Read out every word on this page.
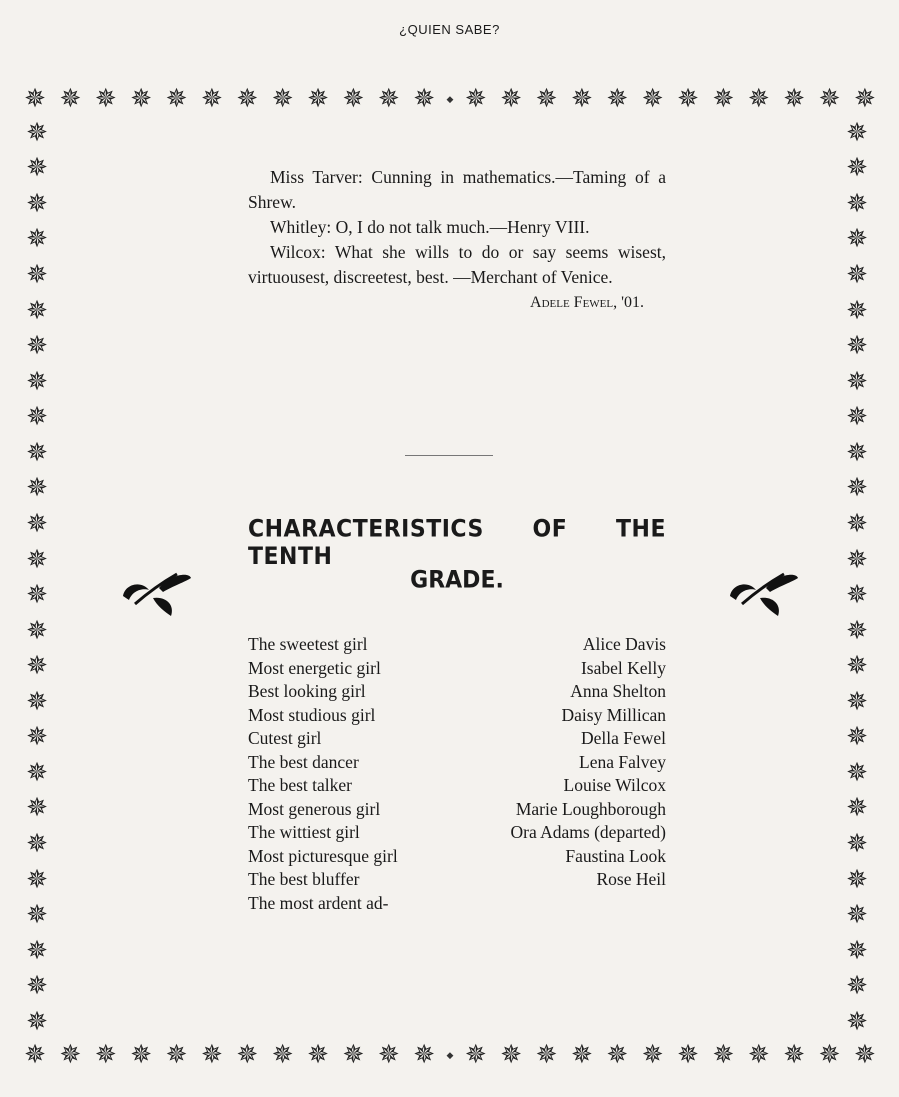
¿QUIEN SABE?
✵ ✵ ✵ ✵ ✵ ✵ ✵ ✵ ✵ ✵ ✵ ✵ ◆ ✵ ✵ ✵ ✵ ✵ ✵ ✵ ✵ ✵ ✵ ✵ ✵
✵ ✵ ✵ ✵ ✵ ✵ ✵ ✵ ✵ ✵ ✵ ✵ ◆ ✵ ✵ ✵ ✵ ✵ ✵ ✵ ✵ ✵ ✵ ✵ ✵
✵
✵
✵
✵
✵
✵
✵
✵
✵
✵
✵
✵
✵
✵
✵
✵
✵
✵
✵
✵
✵
✵
✵
✵
✵
✵
✵
✵
✵
✵
✵
✵
✵
✵
✵
✵
✵
✵
✵
✵
✵
✵
✵
✵
✵
✵
✵
✵
✵
✵
✵
✵

Miss Tarver: Cunning in mathematics.—Taming of a Shrew.

Whitley: O, I do not talk much.—Henry VIII.

Wilcox: What she wills to do or say seems wisest, virtuousest, discreetest, best. —Merchant of Venice.

Adele Fewel, '01.
CHARACTERISTICS OF THE TENTH
GRADE.
The sweetest girl	Alice Davis
Most energetic girl	Isabel Kelly
Best looking girl	Anna Shelton
Most studious girl	Daisy Millican
Cutest girl	Della Fewel
The best dancer	Lena Falvey
The best talker	Louise Wilcox
Most generous girl	Marie Loughborough
The wittiest girl	Ora Adams (departed)
Most picturesque girl	Faustina Look
The best bluffer	Rose Heil
The most ardent ad-
